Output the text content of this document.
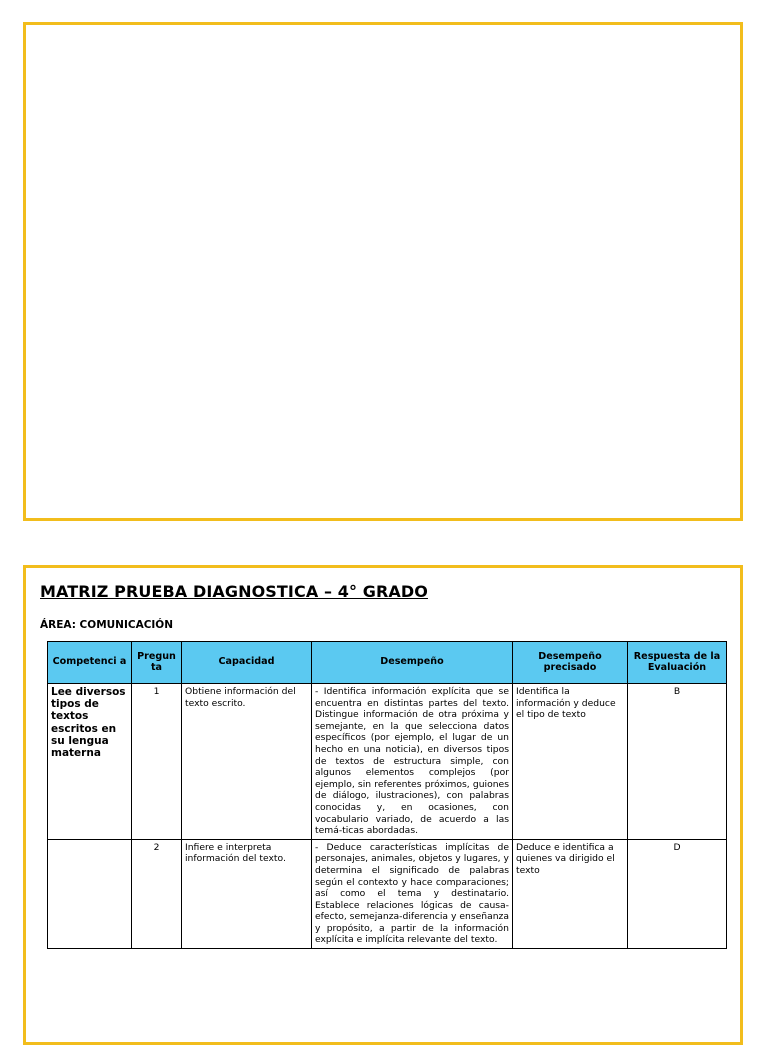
MATRIZ PRUEBA DIAGNOSTICA – 4° GRADO
ÁREA: COMUNICACIÓN
Competenci a	Pregun ta	Capacidad	Desempeño	Desempeño precisado	Respuesta de la Evaluación
Lee diversos tipos de textos escritos en su lengua materna	1	Obtiene información del texto escrito.	- Identifica información explícita que se encuentra en distintas partes del texto. Distingue información de otra próxima y semejante, en la que selecciona datos específicos (por ejemplo, el lugar de un hecho en una noticia), en diversos tipos de textos de estructura simple, con algunos elementos complejos (por ejemplo, sin referentes próximos, guiones de diálogo, ilustraciones), con palabras conocidas y, en ocasiones, con vocabulario variado, de acuerdo a las temá-ticas abordadas.	Identifica la información y deduce el tipo de texto	B
	2	Infiere e interpreta información del texto.	- Deduce características implícitas de personajes, animales, objetos y lugares, y determina el significado de palabras según el contexto y hace comparaciones; así como el tema y destinatario. Establece relaciones lógicas de causa-efecto, semejanza-diferencia y enseñanza y propósito, a partir de la información explícita e implícita relevante del texto.	Deduce e identifica a quienes va dirigido el texto	D
